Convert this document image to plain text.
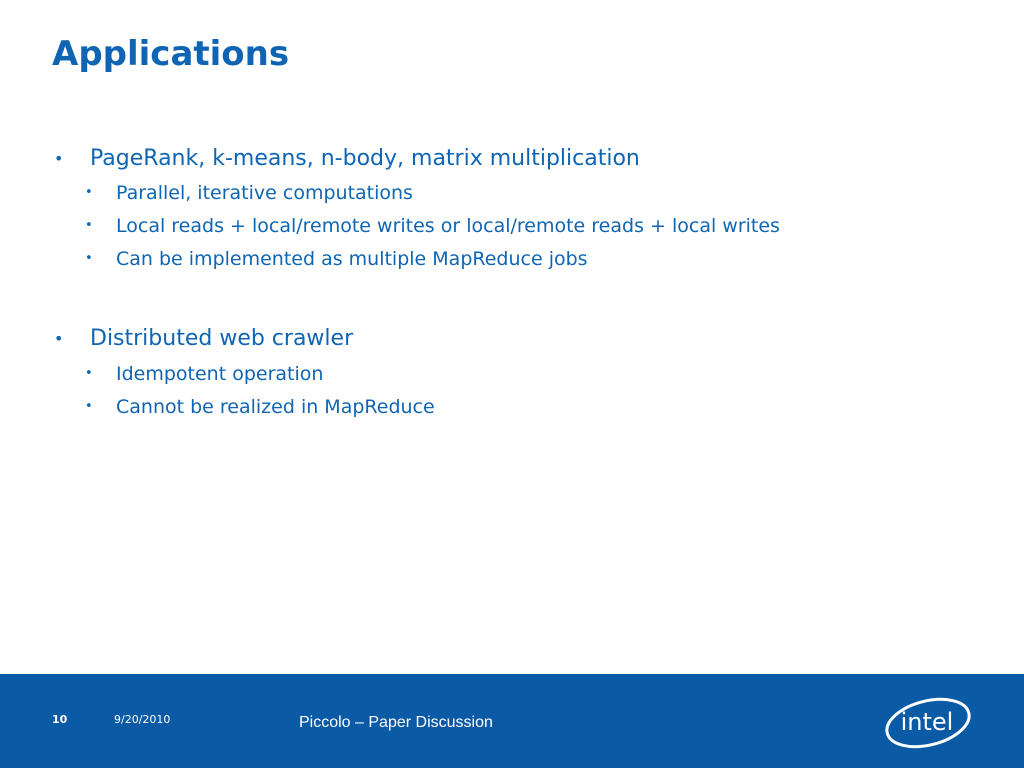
Applications
• PageRank, k-means, n-body, matrix multiplication
• Parallel, iterative computations
• Local reads + local/remote writes or local/remote reads + local writes
• Can be implemented as multiple MapReduce jobs
• Distributed web crawler
• Idempotent operation
• Cannot be realized in MapReduce
10	9/20/2010	Piccolo – Paper Discussion	intel
